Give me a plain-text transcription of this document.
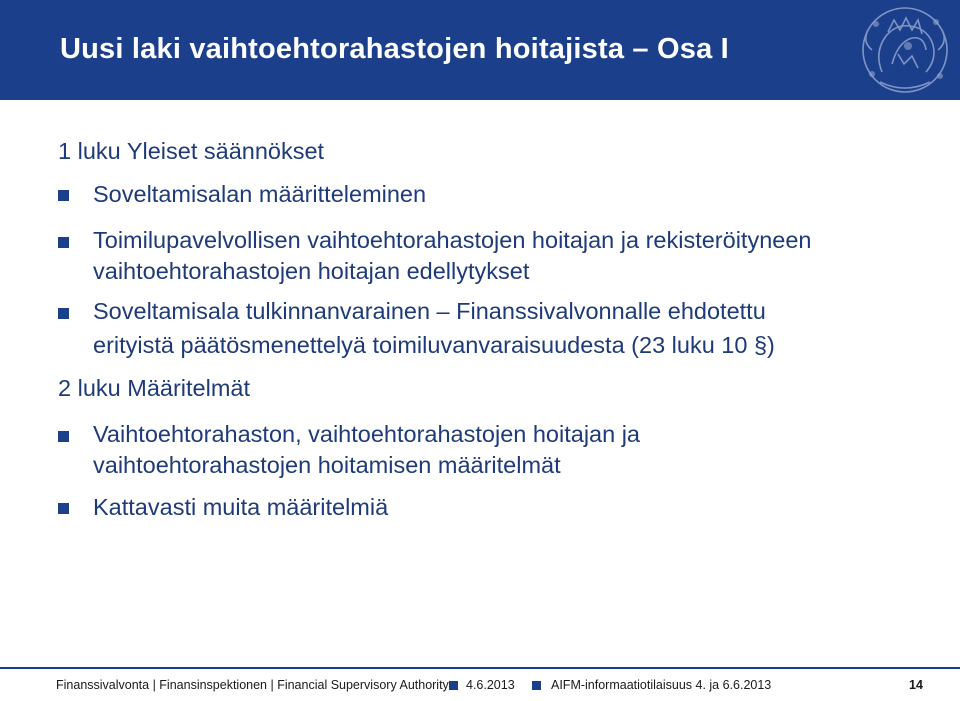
Uusi laki vaihtoehtorahastojen hoitajista – Osa I
1 luku Yleiset säännökset
Soveltamisalan määritteleminen
Toimilupavelvollisen vaihtoehtorahastojen hoitajan ja rekisteröityneen
vaihtoehtorahastojen hoitajan edellytykset
Soveltamisala tulkinnanvarainen – Finanssivalvonnalle ehdotettu
erityistä päätösmenettelyä toimiluvanvaraisuudesta (23 luku 10 §)
2 luku Määritelmät
Vaihtoehtorahaston, vaihtoehtorahastojen hoitajan ja
vaihtoehtorahastojen hoitamisen määritelmät
Kattavasti muita määritelmiä
Finanssivalvonta | Finansinspektionen | Financial Supervisory Authority 4.6.2013	AIFM-informaatiotilaisuus 4. ja 6.6.2013	14
